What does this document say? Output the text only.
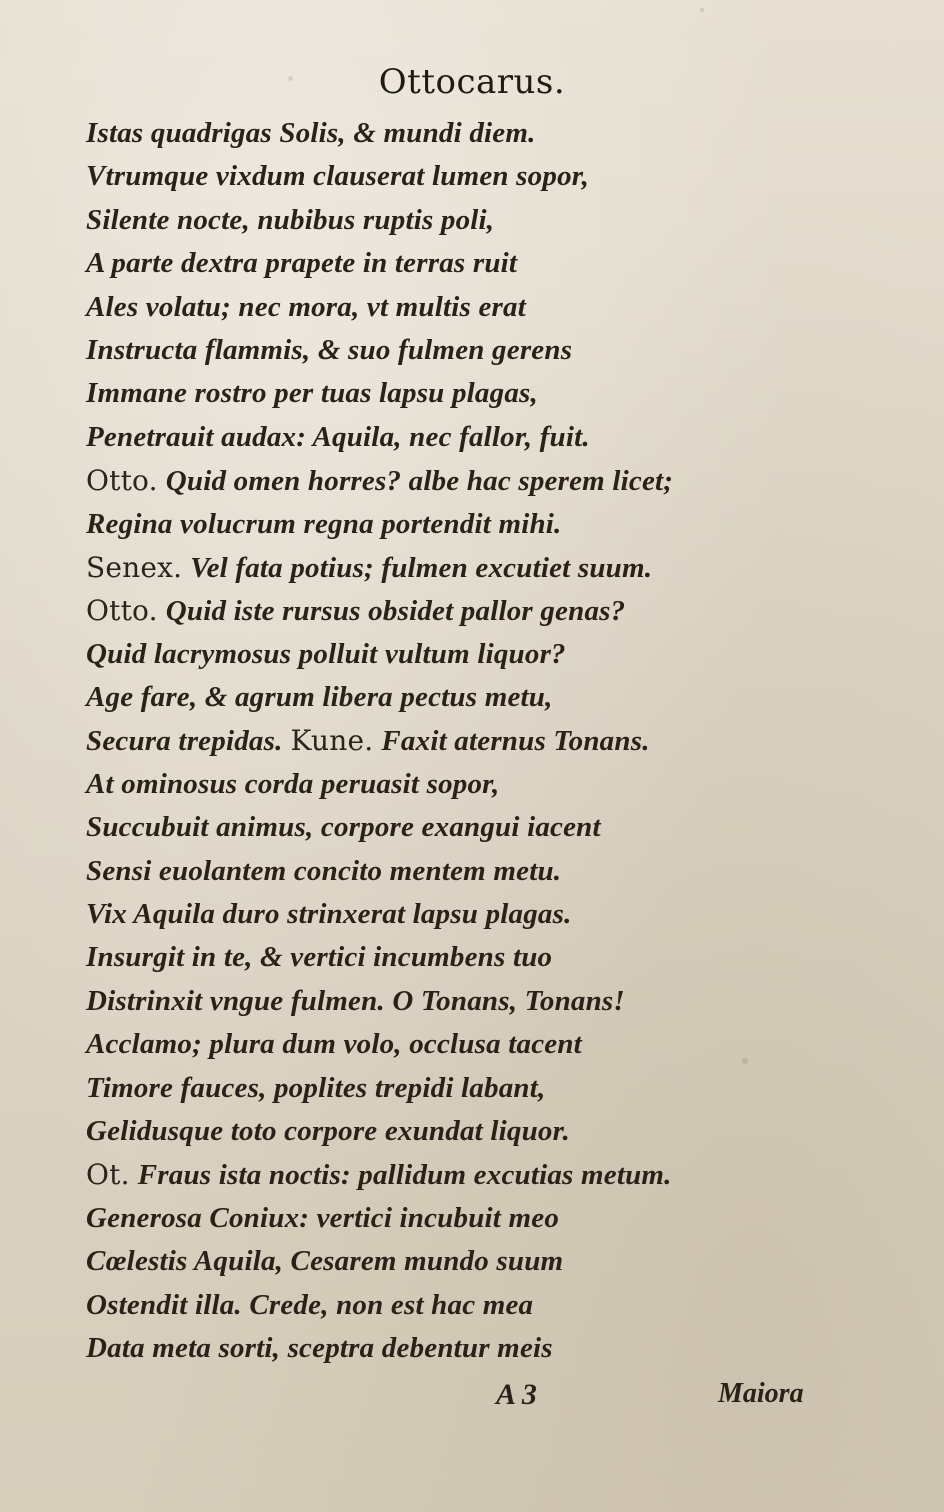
Ottocarus.
Istas quadrigas Solis, & mundi diem.
Vtrumque vixdum clauserat lumen sopor,
Silente nocte, nubibus ruptis poli,
A parte dextra prapete in terras ruit
Ales volatu; nec mora, vt multis erat
Instructa flammis, & suo fulmen gerens
Immane rostro per tuas lapsu plagas,
Penetrauit audax: Aquila, nec fallor, fuit.
Otto. Quid omen horres? albe hac sperem licet;
Regina volucrum regna portendit mihi.
Senex. Vel fata potius; fulmen excutiet suum.
Otto. Quid iste rursus obsidet pallor genas?
Quid lacrymosus polluit vultum liquor?
Age fare, & agrum libera pectus metu,
Secura trepidas. Kune. Faxit aternus Tonans.
At ominosus corda peruasit sopor,
Succubuit animus, corpore exangui iacent
Sensi euolantem concito mentem metu.
Vix Aquila duro strinxerat lapsu plagas.
Insurgit in te, & vertici incumbens tuo
Distrinxit vngue fulmen. O Tonans, Tonans!
Acclamo; plura dum volo, occlusa tacent
Timore fauces, poplites trepidi labant,
Gelidusque toto corpore exundat liquor.
Ot. Fraus ista noctis: pallidum excutias metum.
Generosa Coniux: vertici incubuit meo
Cœlestis Aquila, Cesarem mundo suum
Ostendit illa. Crede, non est hac mea
Data meta sorti, sceptra debentur meis
A 3	Maiora
